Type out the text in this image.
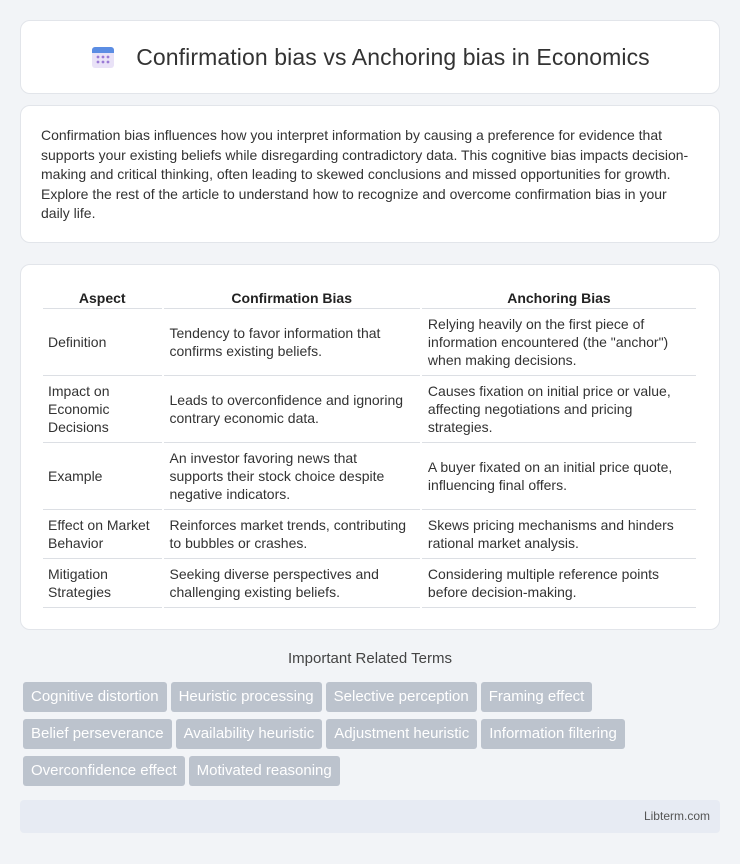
Confirmation bias vs Anchoring bias in Economics

Confirmation bias influences how you interpret information by causing a preference for evidence that supports your existing beliefs while disregarding contradictory data. This cognitive bias impacts decision-making and critical thinking, often leading to skewed conclusions and missed opportunities for growth. Explore the rest of the article to understand how to recognize and overcome confirmation bias in your daily life.

Aspect	Confirmation Bias	Anchoring Bias
Definition	Tendency to favor information that confirms existing beliefs.	Relying heavily on the first piece of information encountered (the "anchor") when making decisions.
Impact on Economic Decisions	Leads to overconfidence and ignoring contrary economic data.	Causes fixation on initial price or value, affecting negotiations and pricing strategies.
Example	An investor favoring news that supports their stock choice despite negative indicators.	A buyer fixated on an initial price quote, influencing final offers.
Effect on Market Behavior	Reinforces market trends, contributing to bubbles or crashes.	Skews pricing mechanisms and hinders rational market analysis.
Mitigation Strategies	Seeking diverse perspectives and challenging existing beliefs.	Considering multiple reference points before decision-making.
Important Related Terms
Cognitive distortion Heuristic processing Selective perception Framing effect
Belief perseverance Availability heuristic Adjustment heuristic Information filtering
Overconfidence effect Motivated reasoning
Libterm.com
